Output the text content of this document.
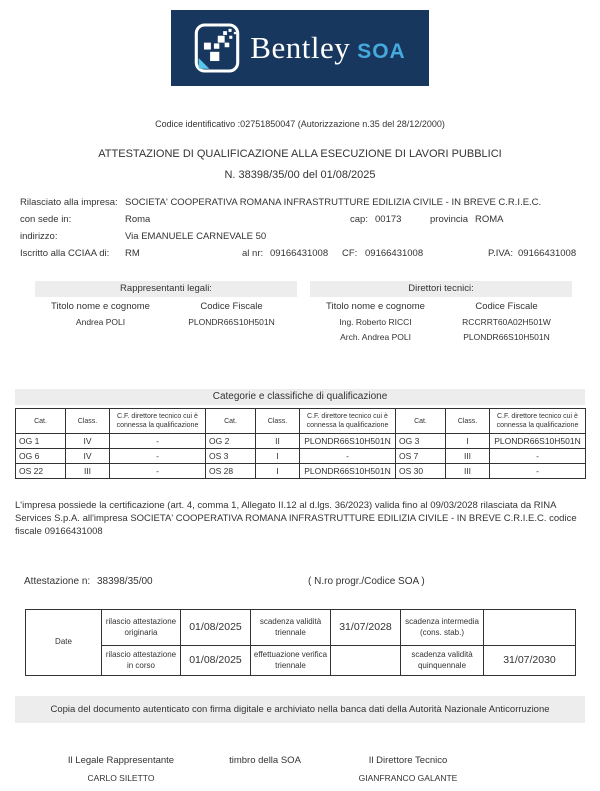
Bentley SOA
Codice identificativo :02751850047 (Autorizzazione n.35 del 28/12/2000)
ATTESTAZIONE DI QUALIFICAZIONE ALLA ESECUZIONE DI LAVORI PUBBLICI
N. 38398/35/00 del 01/08/2025
Rilasciato alla impresa: SOCIETA' COOPERATIVA ROMANA INFRASTRUTTURE EDILIZIA CIVILE - IN BREVE C.R.I.E.C.
con sede in:	Roma	cap: 00173	provincia ROMA
indirizzo:	Via EMANUELE CARNEVALE 50
Iscritto alla CCIAA di: RM	al nr: 09166431008 CF: 09166431008	P.IVA: 09166431008
Rappresentanti legali:
Titolo nome e cognome	Codice Fiscale
Andrea POLI	PLONDR66S10H501N
Direttori tecnici:
Titolo nome e cognome	Codice Fiscale
Ing. Roberto RICCI	RCCRRT60A02H501W
Arch. Andrea POLI	PLONDR66S10H501N
Categorie e classifiche di qualificazione
Cat.	Class.	C.F. direttore tecnico cui è connessa la qualificazione	Cat.	Class.	C.F. direttore tecnico cui è connessa la qualificazione	Cat.	Class.	C.F. direttore tecnico cui è connessa la qualificazione
OG 1	IV	-	OG 2	II	PLONDR66S10H501N	OG 3	I	PLONDR66S10H501N
OG 6	IV	-	OS 3	I	-	OS 7	III	-
OS 22	III	-	OS 28	I	PLONDR66S10H501N	OS 30	III	-
L'impresa possiede la certificazione (art. 4, comma 1, Allegato II.12 al d.lgs. 36/2023) valida fino al 09/03/2028 rilasciata da RINA Services S.p.A. all'impresa SOCIETA' COOPERATIVA ROMANA INFRASTRUTTURE EDILIZIA CIVILE - IN BREVE C.R.I.E.C. codice fiscale 09166431008
Attestazione n: 38398/35/00	( N.ro progr./Codice SOA )
Date	rilascio attestazione originaria	01/08/2025	scadenza validità triennale	31/07/2028	scadenza intermedia (cons. stab.)	
	rilascio attestazione in corso	01/08/2025	effettuazione verifica triennale		scadenza validità quinquennale	31/07/2030
Copia del documento autenticato con firma digitale e archiviato nella banca dati della Autorità Nazionale Anticorruzione
Il Legale Rappresentante
CARLO SILETTO
timbro della SOA	Il Direttore Tecnico
GIANFRANCO GALANTE
